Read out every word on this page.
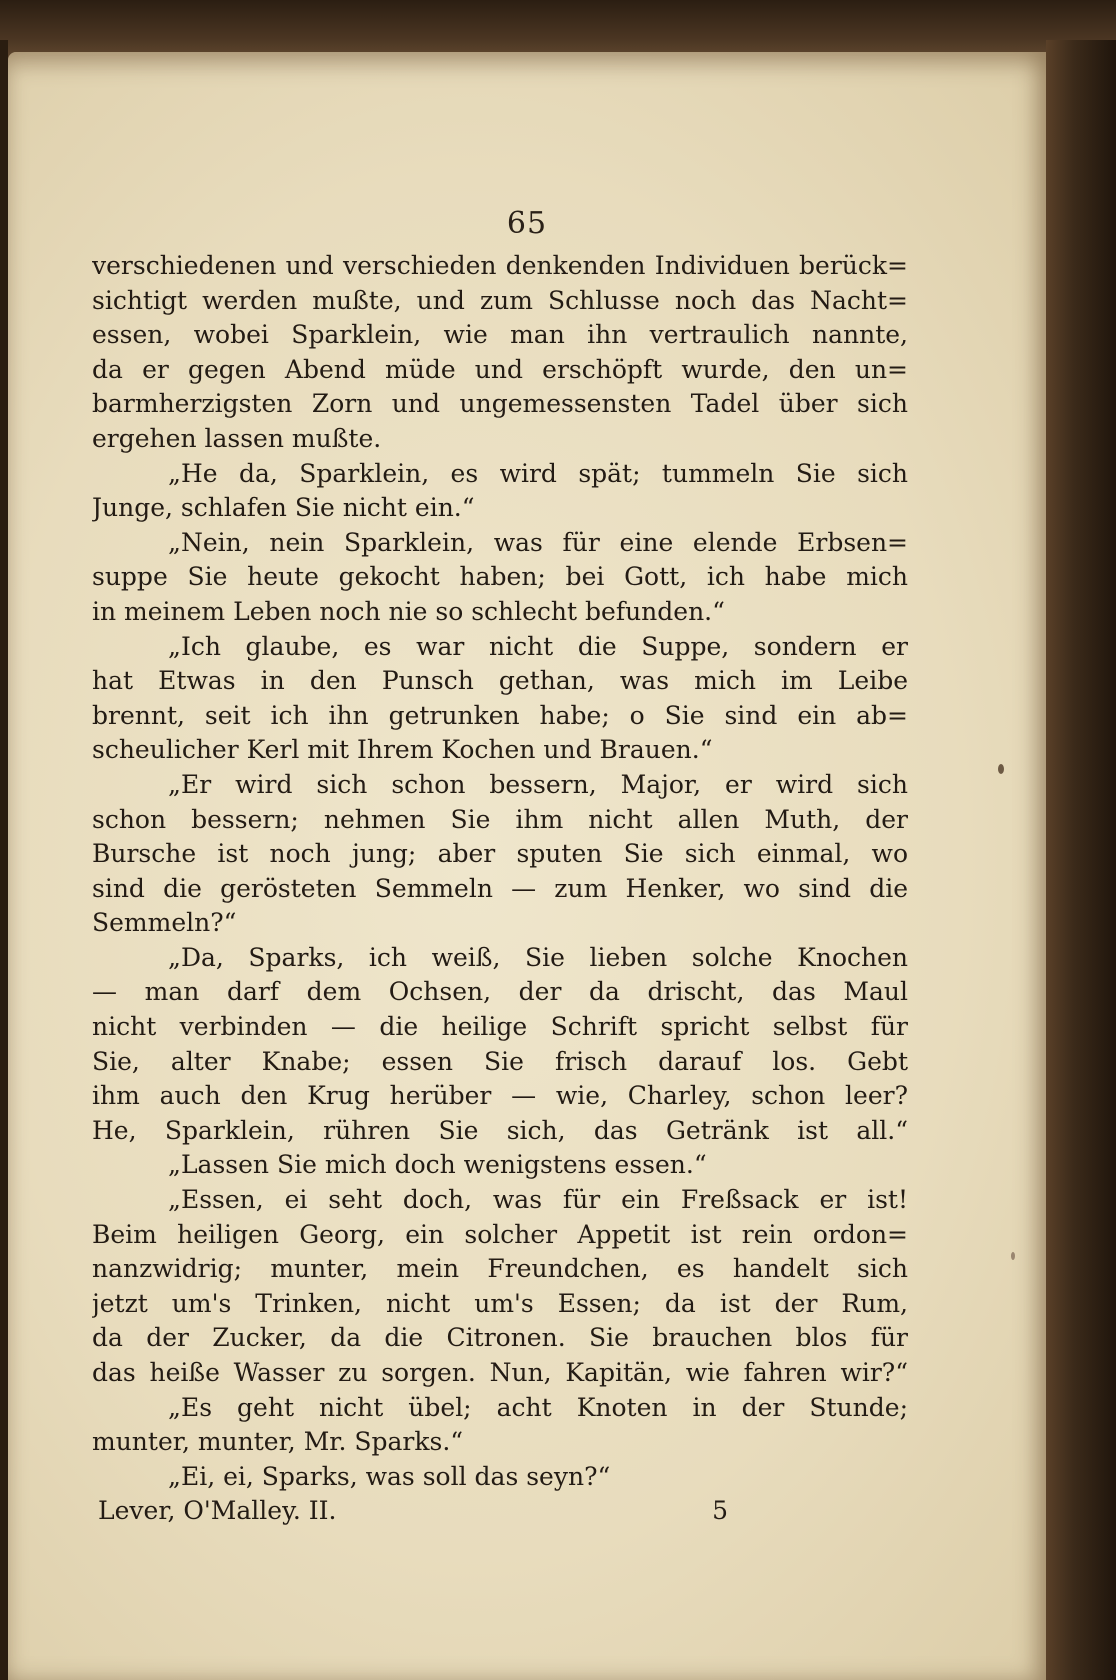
65
verschiedenen und verschieden denkenden Individuen berück=
sichtigt werden mußte, und zum Schlusse noch das Nacht=
essen, wobei Sparklein, wie man ihn vertraulich nannte,
da er gegen Abend müde und erschöpft wurde, den un=
barmherzigsten Zorn und ungemessensten Tadel über sich
ergehen lassen mußte.
„He da, Sparklein, es wird spät; tummeln Sie sich
Junge, schlafen Sie nicht ein.“
„Nein, nein Sparklein, was für eine elende Erbsen=
suppe Sie heute gekocht haben; bei Gott, ich habe mich
in meinem Leben noch nie so schlecht befunden.“
„Ich glaube, es war nicht die Suppe, sondern er
hat Etwas in den Punsch gethan, was mich im Leibe
brennt, seit ich ihn getrunken habe; o Sie sind ein ab=
scheulicher Kerl mit Ihrem Kochen und Brauen.“
„Er wird sich schon bessern, Major, er wird sich
schon bessern; nehmen Sie ihm nicht allen Muth, der
Bursche ist noch jung; aber sputen Sie sich einmal, wo
sind die gerösteten Semmeln — zum Henker, wo sind die
Semmeln?“
„Da, Sparks, ich weiß, Sie lieben solche Knochen
— man darf dem Ochsen, der da drischt, das Maul
nicht verbinden — die heilige Schrift spricht selbst für
Sie, alter Knabe; essen Sie frisch darauf los. Gebt
ihm auch den Krug herüber — wie, Charley, schon leer?
He, Sparklein, rühren Sie sich, das Getränk ist all.“
„Lassen Sie mich doch wenigstens essen.“
„Essen, ei seht doch, was für ein Freßsack er ist!
Beim heiligen Georg, ein solcher Appetit ist rein ordon=
nanzwidrig; munter, mein Freundchen, es handelt sich
jetzt um's Trinken, nicht um's Essen; da ist der Rum,
da der Zucker, da die Citronen. Sie brauchen blos für
das heiße Wasser zu sorgen. Nun, Kapitän, wie fahren wir?“
„Es geht nicht übel; acht Knoten in der Stunde;
munter, munter, Mr. Sparks.“
„Ei, ei, Sparks, was soll das seyn?“
Lever, O'Malley. II.	5
